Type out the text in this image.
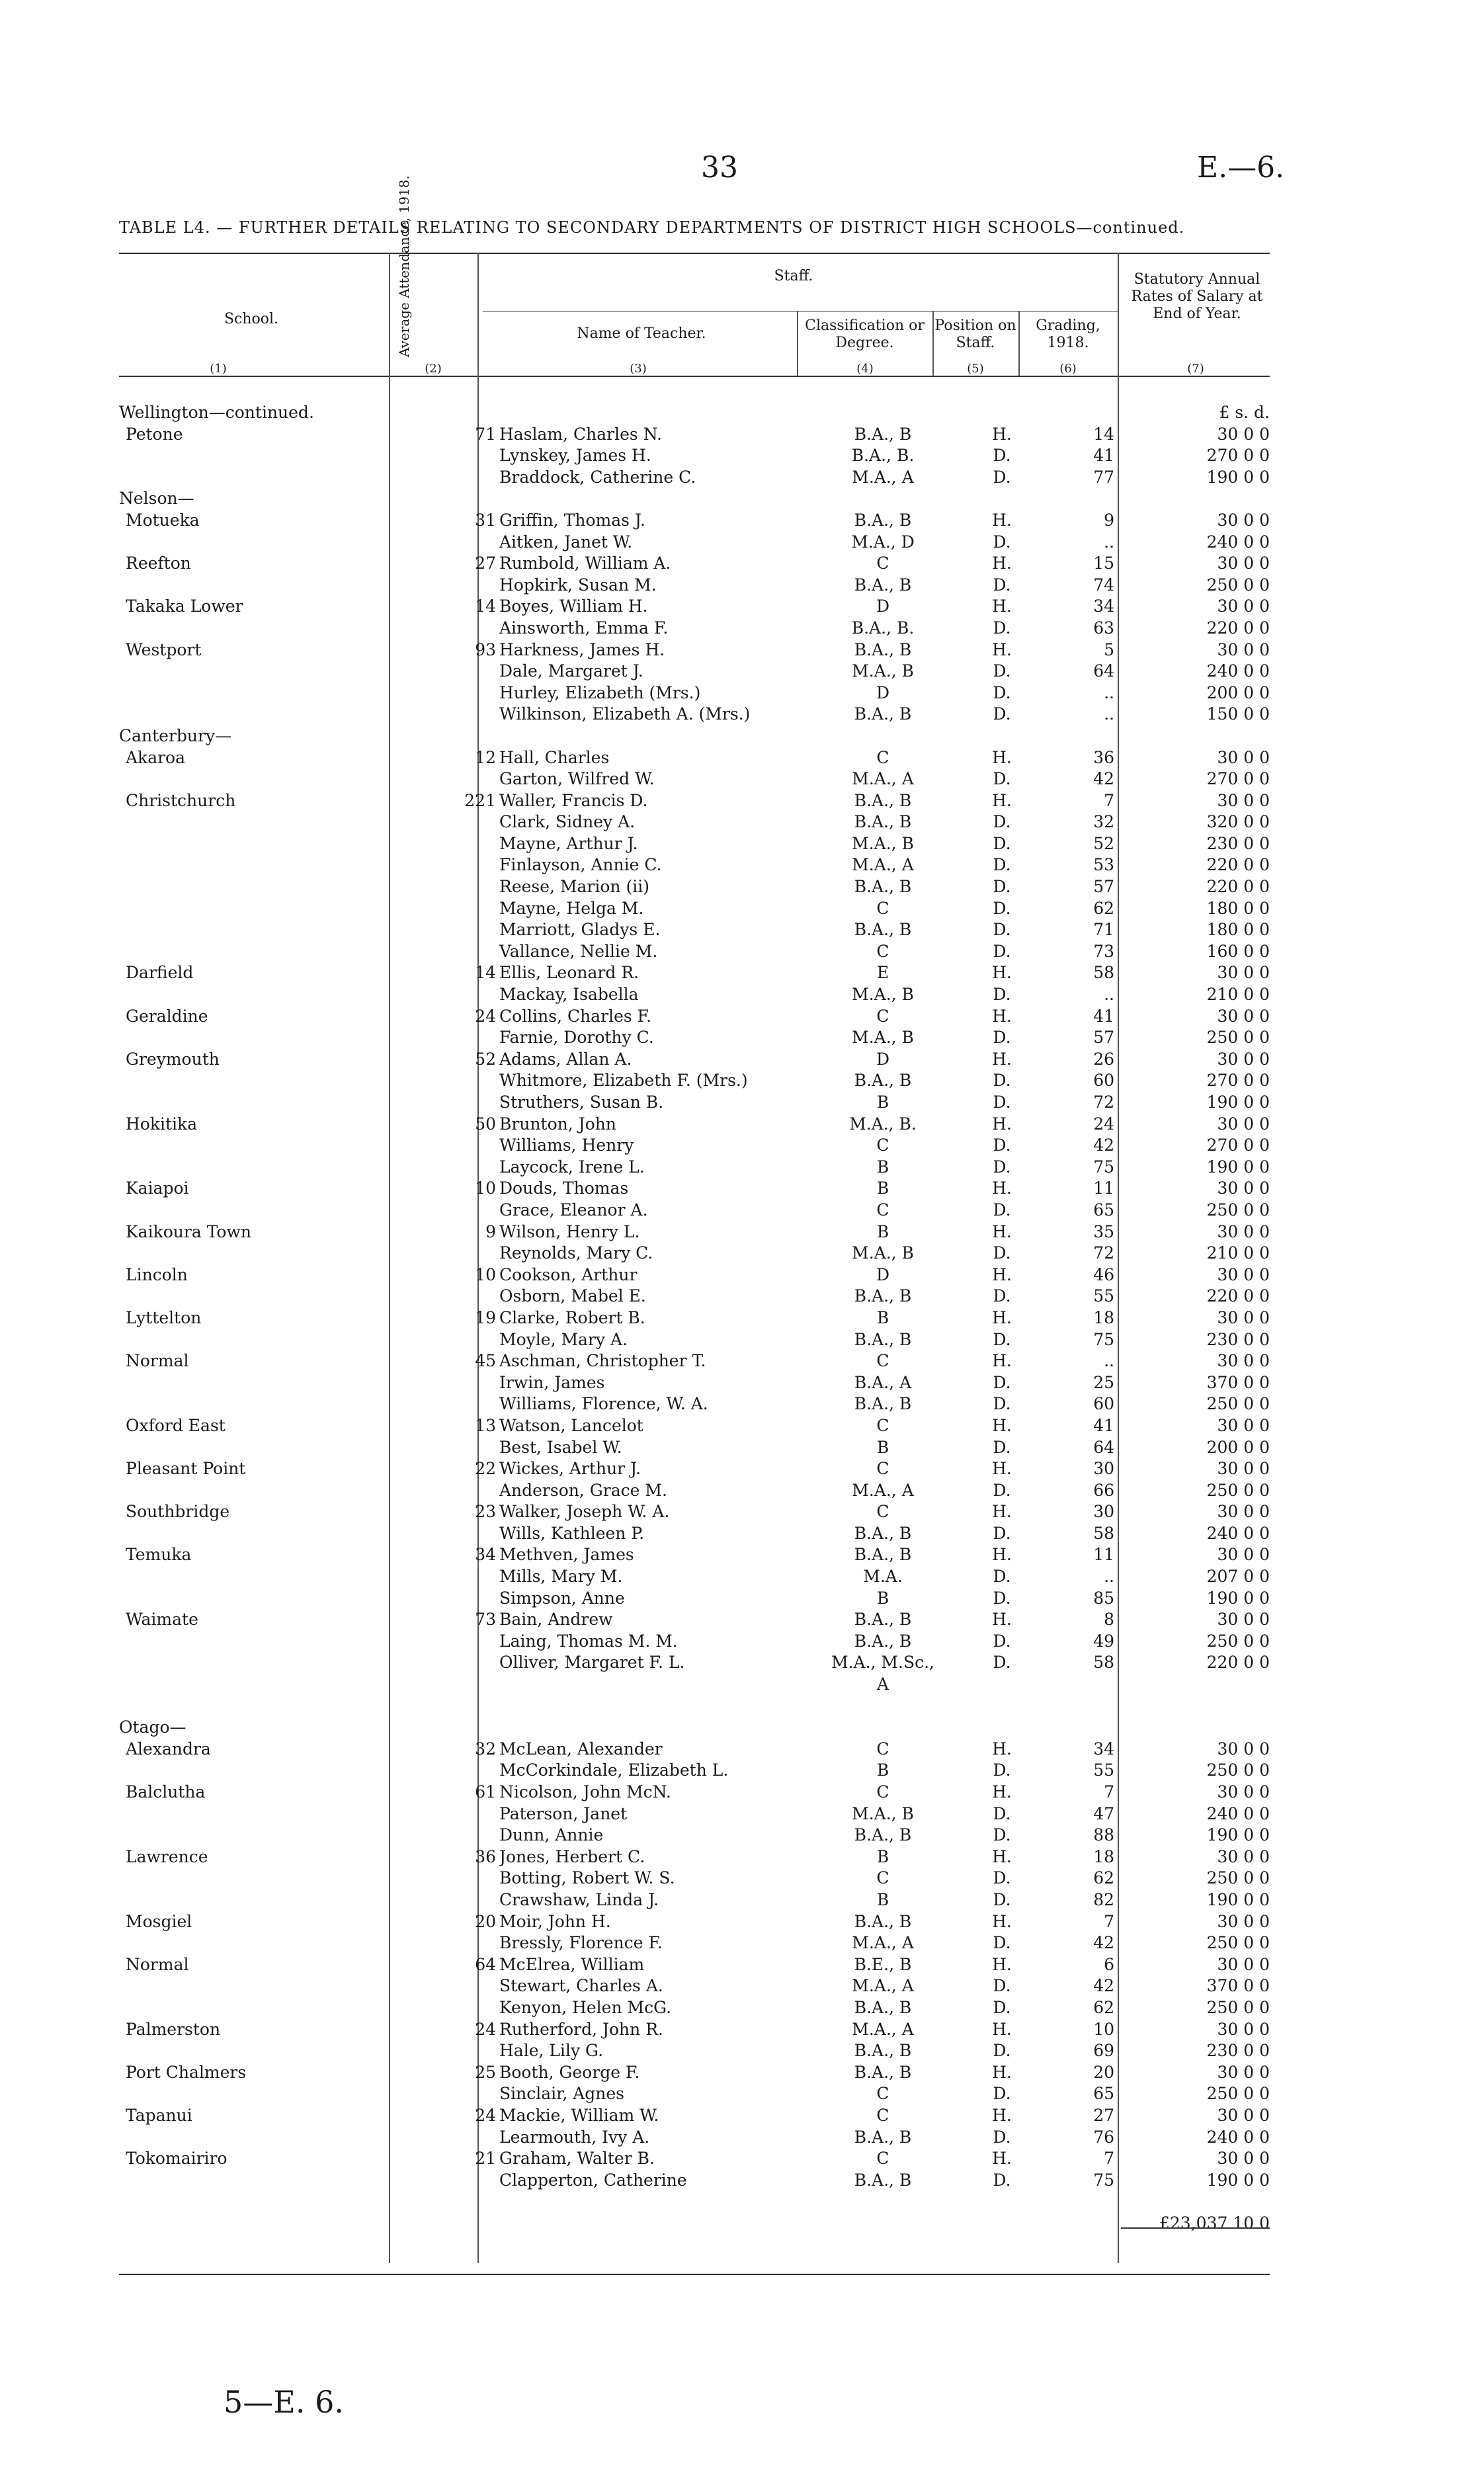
33	E.—6.
TABLE L4. — FURTHER DETAILS RELATING TO SECONDARY DEPARTMENTS OF DISTRICT HIGH SCHOOLS—continued.
School.	Average Attendance, 1918.	Staff.
Name of Teacher.	Classification or Degree.
Position on Staff.
Grading, 1918.
Statutory Annual Rates of Salary at End of Year.
(1)	(2)	(3)	(4)	(5)	(6)	(7)
Wellington—continued.	£ s. d.
Petone	71 Haslam, Charles N.	B.A., B	H.	14	30 0 0
Lynskey, James H.	B.A., B.	D.	41	270 0 0
Braddock, Catherine C.	M.A., A	D.	77	190 0 0
Nelson—
Motueka	31 Griffin, Thomas J.	B.A., B	H.	9	30 0 0
Aitken, Janet W.	M.A., D	D.	..	240 0 0
Reefton	27 Rumbold, William A.	C	H.	15	30 0 0
Hopkirk, Susan M.	B.A., B	D.	74	250 0 0
Takaka Lower	14 Boyes, William H.	D	H.	34	30 0 0
Ainsworth, Emma F.	B.A., B.	D.	63	220 0 0
Westport	93 Harkness, James H.	B.A., B	H.	5	30 0 0
Dale, Margaret J.	M.A., B	D.	64	240 0 0
Hurley, Elizabeth (Mrs.)	D	D.	..	200 0 0
Wilkinson, Elizabeth A. (Mrs.)	B.A., B	D.	..	150 0 0
Canterbury—
Akaroa	12 Hall, Charles	C	H.	36	30 0 0
Garton, Wilfred W.	M.A., A	D.	42	270 0 0
Christchurch	221 Waller, Francis D.	B.A., B	H.	7	30 0 0
Clark, Sidney A.	B.A., B	D.	32	320 0 0
Mayne, Arthur J.	M.A., B	D.	52	230 0 0
Finlayson, Annie C.	M.A., A	D.	53	220 0 0
Reese, Marion (ii)	B.A., B	D.	57	220 0 0
Mayne, Helga M.	C	D.	62	180 0 0
Marriott, Gladys E.	B.A., B	D.	71	180 0 0
Vallance, Nellie M.	C	D.	73	160 0 0
Darfield	14 Ellis, Leonard R.	E	H.	58	30 0 0
Mackay, Isabella	M.A., B	D.	..	210 0 0
Geraldine	24 Collins, Charles F.	C	H.	41	30 0 0
Farnie, Dorothy C.	M.A., B	D.	57	250 0 0
Greymouth	52 Adams, Allan A.	D	H.	26	30 0 0
Whitmore, Elizabeth F. (Mrs.)	B.A., B	D.	60	270 0 0
Struthers, Susan B.	B	D.	72	190 0 0
Hokitika	50 Brunton, John	M.A., B.	H.	24	30 0 0
Williams, Henry	C	D.	42	270 0 0
Laycock, Irene L.	B	D.	75	190 0 0
Kaiapoi	10 Douds, Thomas	B	H.	11	30 0 0
Grace, Eleanor A.	C	D.	65	250 0 0
Kaikoura Town	9 Wilson, Henry L.	B	H.	35	30 0 0
Reynolds, Mary C.	M.A., B	D.	72	210 0 0
Lincoln	10 Cookson, Arthur	D	H.	46	30 0 0
Osborn, Mabel E.	B.A., B	D.	55	220 0 0
Lyttelton	19 Clarke, Robert B.	B	H.	18	30 0 0
Moyle, Mary A.	B.A., B	D.	75	230 0 0
Normal	45 Aschman, Christopher T.	C	H.	..	30 0 0
Irwin, James	B.A., A	D.	25	370 0 0
Williams, Florence, W. A.	B.A., B	D.	60	250 0 0
Oxford East	13 Watson, Lancelot	C	H.	41	30 0 0
Best, Isabel W.	B	D.	64	200 0 0
Pleasant Point	22 Wickes, Arthur J.	C	H.	30	30 0 0
Anderson, Grace M.	M.A., A	D.	66	250 0 0
Southbridge	23 Walker, Joseph W. A.	C	H.	30	30 0 0
Wills, Kathleen P.	B.A., B	D.	58	240 0 0
Temuka	34 Methven, James	B.A., B	H.	11	30 0 0
Mills, Mary M.	M.A.	D.	..	207 0 0
Simpson, Anne	B	D.	85	190 0 0
Waimate	73 Bain, Andrew	B.A., B	H.	8	30 0 0
Laing, Thomas M. M.	B.A., B	D.	49	250 0 0
Olliver, Margaret F. L.	M.A., M.Sc.,	D.	58	220 0 0
A
Otago—
Alexandra	32 McLean, Alexander	C	H.	34	30 0 0
McCorkindale, Elizabeth L.	B	D.	55	250 0 0
Balclutha	61 Nicolson, John McN.	C	H.	7	30 0 0
Paterson, Janet	M.A., B	D.	47	240 0 0
Dunn, Annie	B.A., B	D.	88	190 0 0
Lawrence	36 Jones, Herbert C.	B	H.	18	30 0 0
Botting, Robert W. S.	C	D.	62	250 0 0
Crawshaw, Linda J.	B	D.	82	190 0 0
Mosgiel	20 Moir, John H.	B.A., B	H.	7	30 0 0
Bressly, Florence F.	M.A., A	D.	42	250 0 0
Normal	64 McElrea, William	B.E., B	H.	6	30 0 0
Stewart, Charles A.	M.A., A	D.	42	370 0 0
Kenyon, Helen McG.	B.A., B	D.	62	250 0 0
Palmerston	24 Rutherford, John R.	M.A., A	H.	10	30 0 0
Hale, Lily G.	B.A., B	D.	69	230 0 0
Port Chalmers	25 Booth, George F.	B.A., B	H.	20	30 0 0
Sinclair, Agnes	C	D.	65	250 0 0
Tapanui	24 Mackie, William W.	C	H.	27	30 0 0
Learmouth, Ivy A.	B.A., B	D.	76	240 0 0
Tokomairiro	21 Graham, Walter B.	C	H.	7	30 0 0
Clapperton, Catherine	B.A., B	D.	75	190 0 0
£23,037 10 0
5—E. 6.
